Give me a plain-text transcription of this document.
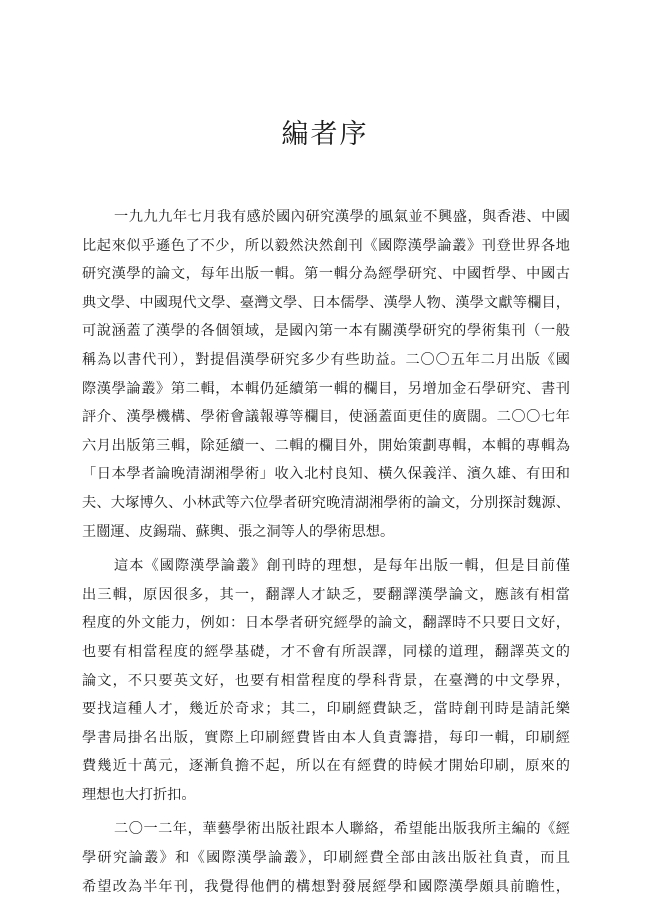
編者序
一九九九年七月我有感於國內研究漢學的風氣並不興盛，與香港、中國
比起來似乎遜色了不少，所以毅然決然創刊《國際漢學論叢》刊登世界各地
研究漢學的論文，每年出版一輯。第一輯分為經學研究、中國哲學、中國古
典文學、中國現代文學、臺灣文學、日本儒學、漢學人物、漢學文獻等欄目，
可說涵蓋了漢學的各個領域，是國內第一本有關漢學研究的學術集刊（一般
稱為以書代刊），對提倡漢學研究多少有些助益。二〇〇五年二月出版《國
際漢學論叢》第二輯，本輯仍延續第一輯的欄目，另增加金石學研究、書刊
評介、漢學機構、學術會議報導等欄目，使涵蓋面更佳的廣闊。二〇〇七年
六月出版第三輯，除延續一、二輯的欄目外，開始策劃專輯，本輯的專輯為
「日本學者論晚清湖湘學術」收入北村良知、橫久保義洋、濱久雄、有田和
夫、大塚博久、小林武等六位學者研究晚清湖湘學術的論文，分別探討魏源、
王闓運、皮錫瑞、蘇輿、張之洞等人的學術思想。
這本《國際漢學論叢》創刊時的理想，是每年出版一輯，但是目前僅
出三輯，原因很多，其一，翻譯人才缺乏，要翻譯漢學論文，應該有相當
程度的外文能力，例如：日本學者研究經學的論文，翻譯時不只要日文好，
也要有相當程度的經學基礎，才不會有所誤譯，同樣的道理，翻譯英文的
論文，不只要英文好，也要有相當程度的學科背景，在臺灣的中文學界，
要找這種人才，幾近於奇求；其二，印刷經費缺乏，當時創刊時是請託樂
學書局掛名出版，實際上印刷經費皆由本人負責籌措，每印一輯，印刷經
費幾近十萬元，逐漸負擔不起，所以在有經費的時候才開始印刷，原來的
理想也大打折扣。
二〇一二年，華藝學術出版社跟本人聯絡，希望能出版我所主編的《經
學研究論叢》和《國際漢學論叢》，印刷經費全部由該出版社負責，而且
希望改為半年刊，我覺得他們的構想對發展經學和國際漢學頗具前瞻性，
